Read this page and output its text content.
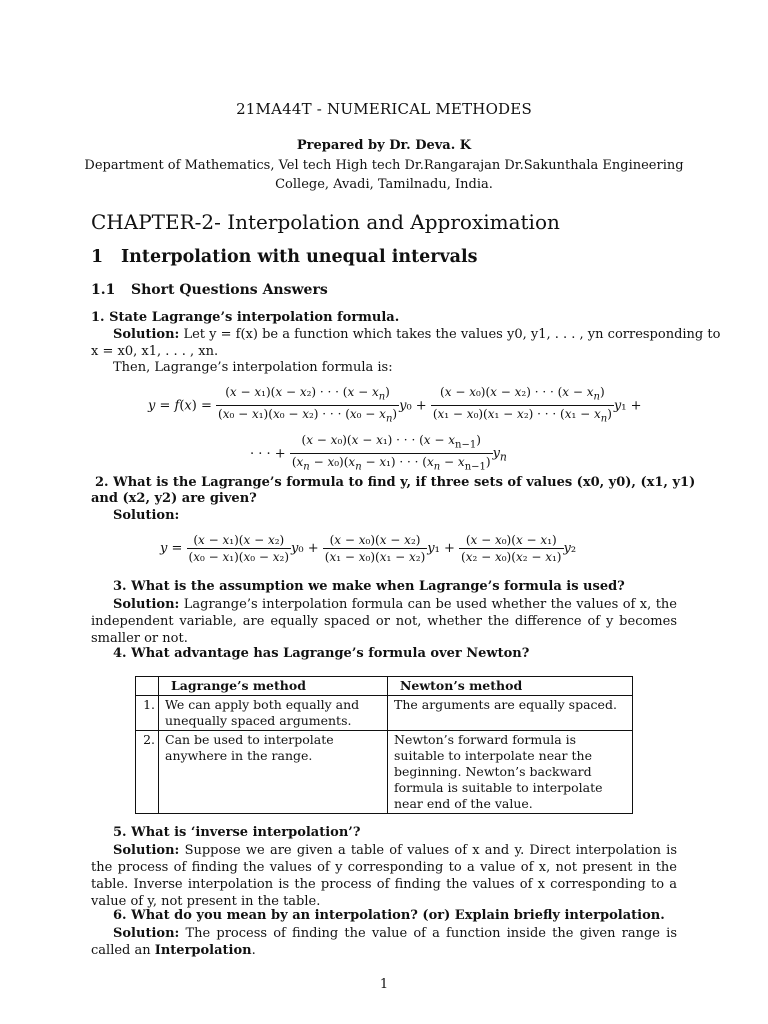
21MA44T - NUMERICAL METHODES
Prepared by Dr. Deva. K
Department of Mathematics, Vel tech High tech Dr.Rangarajan Dr.Sakunthala Engineering College, Avadi, Tamilnadu, India.
CHAPTER-2- Interpolation and Approximation
1 Interpolation with unequal intervals
1.1 Short Questions Answers
1. State Lagrange’s interpolation formula.
Solution: Let y = f(x) be a function which takes the values y0, y1, . . . , yn corresponding to
x = x0, x1, . . . , xn.
Then, Lagrange’s interpolation formula is:
$y = f(x) = \frac{(x - x_1)(x - x_2) \cdot \cdot \cdot (x - x_n)}{(x_0 - x_1)(x_0 - x_2) \cdot \cdot \cdot (x_0 - x_n)} y_0 + \frac{(x - x_0)(x - x_2) \cdot \cdot \cdot (x - x_n)}{(x_1 - x_0)(x_1 - x_2) \cdot \cdot \cdot (x_1 - x_n)} y_1$ +
· · · + $\frac{(x - x_0)(x - x_1) \cdot \cdot \cdot (x - x_{n-1})}{(x_n - x_0)(x_n - x_1) \cdot \cdot \cdot (x_n - x_{n-1})} y_n$
2. What is the Lagrange’s formula to find y, if three sets of values (x0, y0), (x1, y1)
and (x2, y2) are given?
Solution:
$y = \frac{\text{(x − x₁)(x − x₂)}}{\text{(x₀ − x₁)(x₀ − x₂)}} y_0 + \frac{\text{(x − x₀)(x − x₂)}}{\text{(x₁ − x₀)(x₁ − x₂)}} y_1 + \frac{\text{(x − x₀)(x − x₁)}}{\text{(x₂ − x₀)(x₂ − x₁)}} y_2$
3. What is the assumption we make when Lagrange’s formula is used?
Solution: Lagrange’s interpolation formula can be used whether the values of x, the independent variable, are equally spaced or not, whether the difference of y becomes smaller or not.
4. What advantage has Lagrange’s formula over Newton?
	Lagrange’s method	Newton’s method
1.	We can apply both equally and unequally spaced arguments.	The arguments are equally spaced.
2.	Can be used to interpolate anywhere in the range.	Newton’s forward formula is suitable to interpolate near the beginning. Newton’s backward formula is suitable to interpolate near end of the value.
5. What is ‘inverse interpolation’?
Solution: Suppose we are given a table of values of x and y. Direct interpolation is the process of finding the values of y corresponding to a value of x, not present in the table. Inverse interpolation is the process of finding the values of x corresponding to a value of y, not present in the table.
6. What do you mean by an interpolation? (or) Explain briefly interpolation.
Solution: The process of finding the value of a function inside the given range is called an Interpolation.
1
